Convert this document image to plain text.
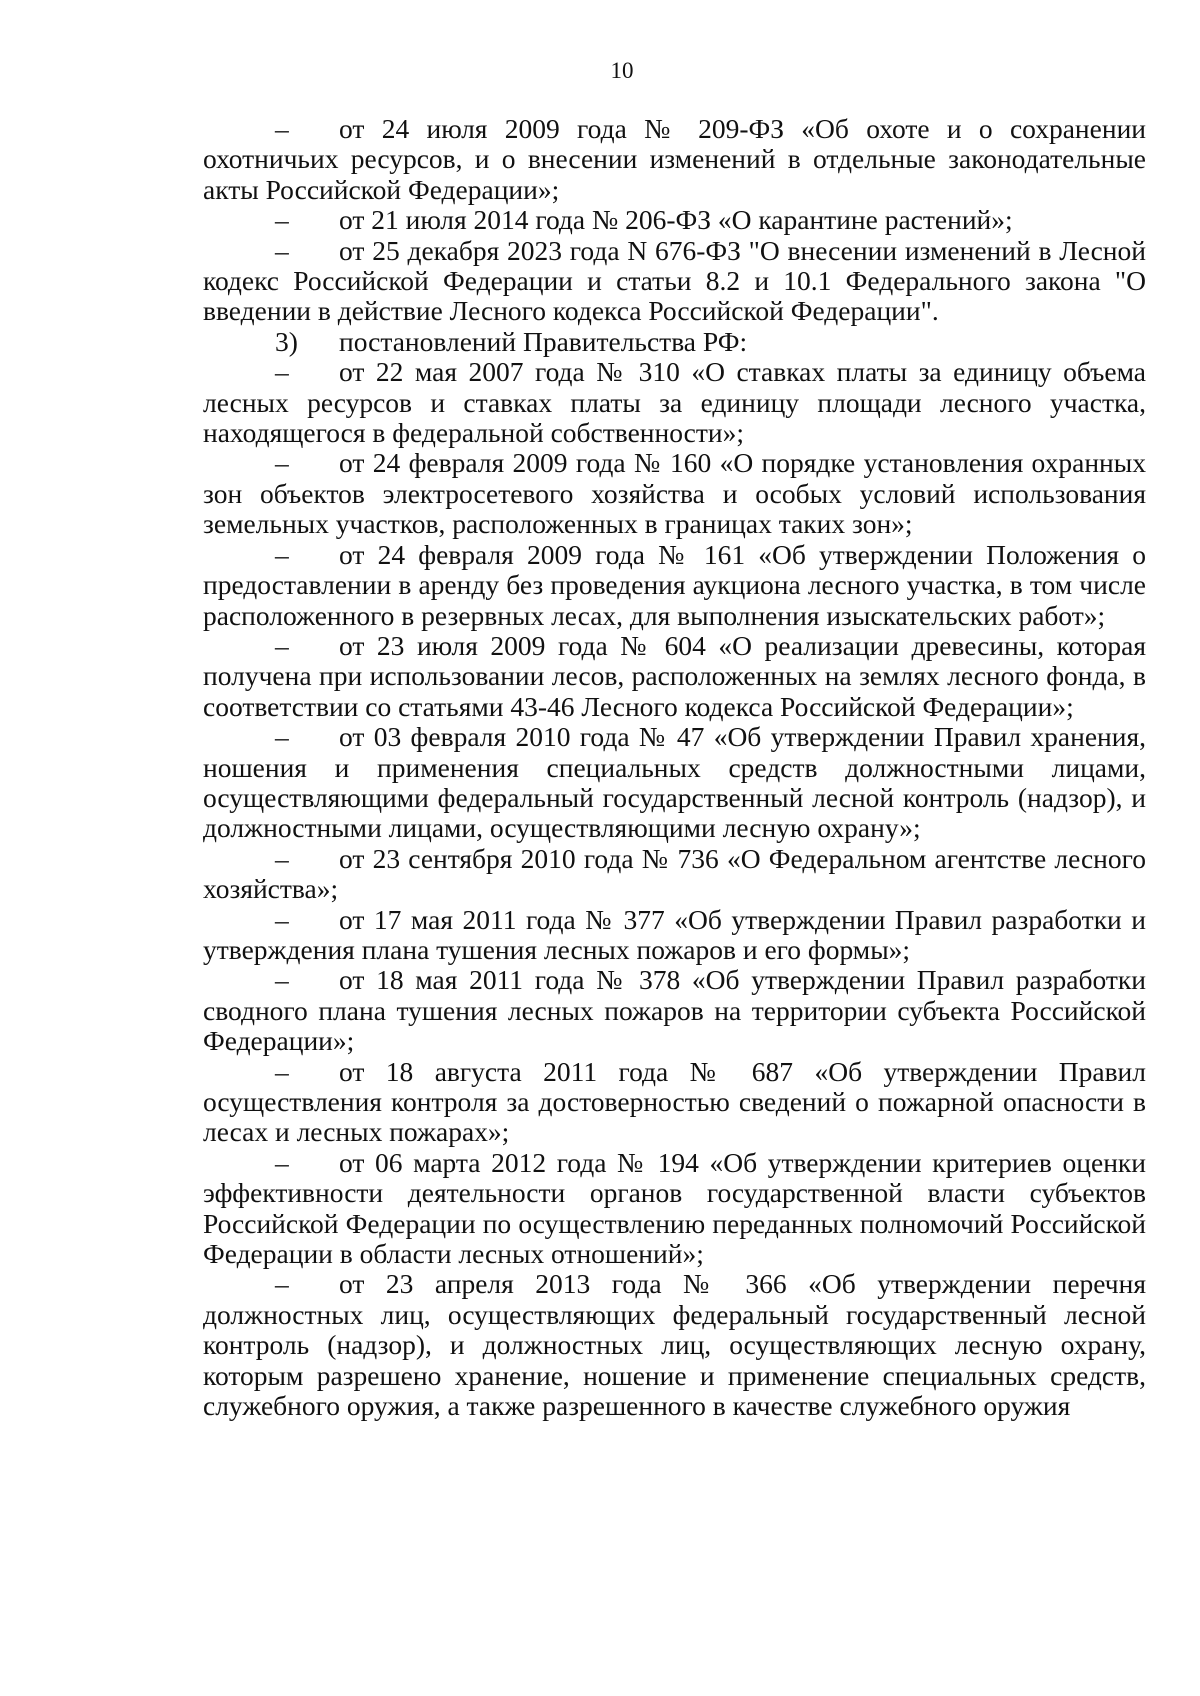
10

– от 24 июля 2009 года № 209-ФЗ «Об охоте и о сохранении охотничьих ресурсов, и о внесении изменений в отдельные законодательные акты Российской Федерации»;

– от 21 июля 2014 года № 206-ФЗ «О карантине растений»;

– от 25 декабря 2023 года N 676-ФЗ "О внесении изменений в Лесной кодекс Российской Федерации и статьи 8.2 и 10.1 Федерального закона "О введении в действие Лесного кодекса Российской Федерации".

3) постановлений Правительства РФ:

– от 22 мая 2007 года № 310 «О ставках платы за единицу объема лесных ресурсов и ставках платы за единицу площади лесного участка, находящегося в федеральной собственности»;

– от 24 февраля 2009 года № 160 «О порядке установления охранных зон объектов электросетевого хозяйства и особых условий использования земельных участков, расположенных в границах таких зон»;

– от 24 февраля 2009 года № 161 «Об утверждении Положения о предоставлении в аренду без проведения аукциона лесного участка, в том числе расположенного в резервных лесах, для выполнения изыскательских работ»;

– от 23 июля 2009 года № 604 «О реализации древесины, которая получена при использовании лесов, расположенных на землях лесного фонда, в соответствии со статьями 43-46 Лесного кодекса Российской Федерации»;

– от 03 февраля 2010 года № 47 «Об утверждении Правил хранения, ношения и применения специальных средств должностными лицами, осуществляющими федеральный государственный лесной контроль (надзор), и должностными лицами, осуществляющими лесную охрану»;

– от 23 сентября 2010 года № 736 «О Федеральном агентстве лесного хозяйства»;

– от 17 мая 2011 года № 377 «Об утверждении Правил разработки и утверждения плана тушения лесных пожаров и его формы»;

– от 18 мая 2011 года № 378 «Об утверждении Правил разработки сводного плана тушения лесных пожаров на территории субъекта Российской Федерации»;

– от 18 августа 2011 года № 687 «Об утверждении Правил осуществления контроля за достоверностью сведений о пожарной опасности в лесах и лесных пожарах»;

– от 06 марта 2012 года № 194 «Об утверждении критериев оценки эффективности деятельности органов государственной власти субъектов Российской Федерации по осуществлению переданных полномочий Российской Федерации в области лесных отношений»;

– от 23 апреля 2013 года № 366 «Об утверждении перечня должностных лиц, осуществляющих федеральный государственный лесной контроль (надзор), и должностных лиц, осуществляющих лесную охрану, которым разрешено хранение, ношение и применение специальных средств, служебного оружия, а также разрешенного в качестве служебного оружия
